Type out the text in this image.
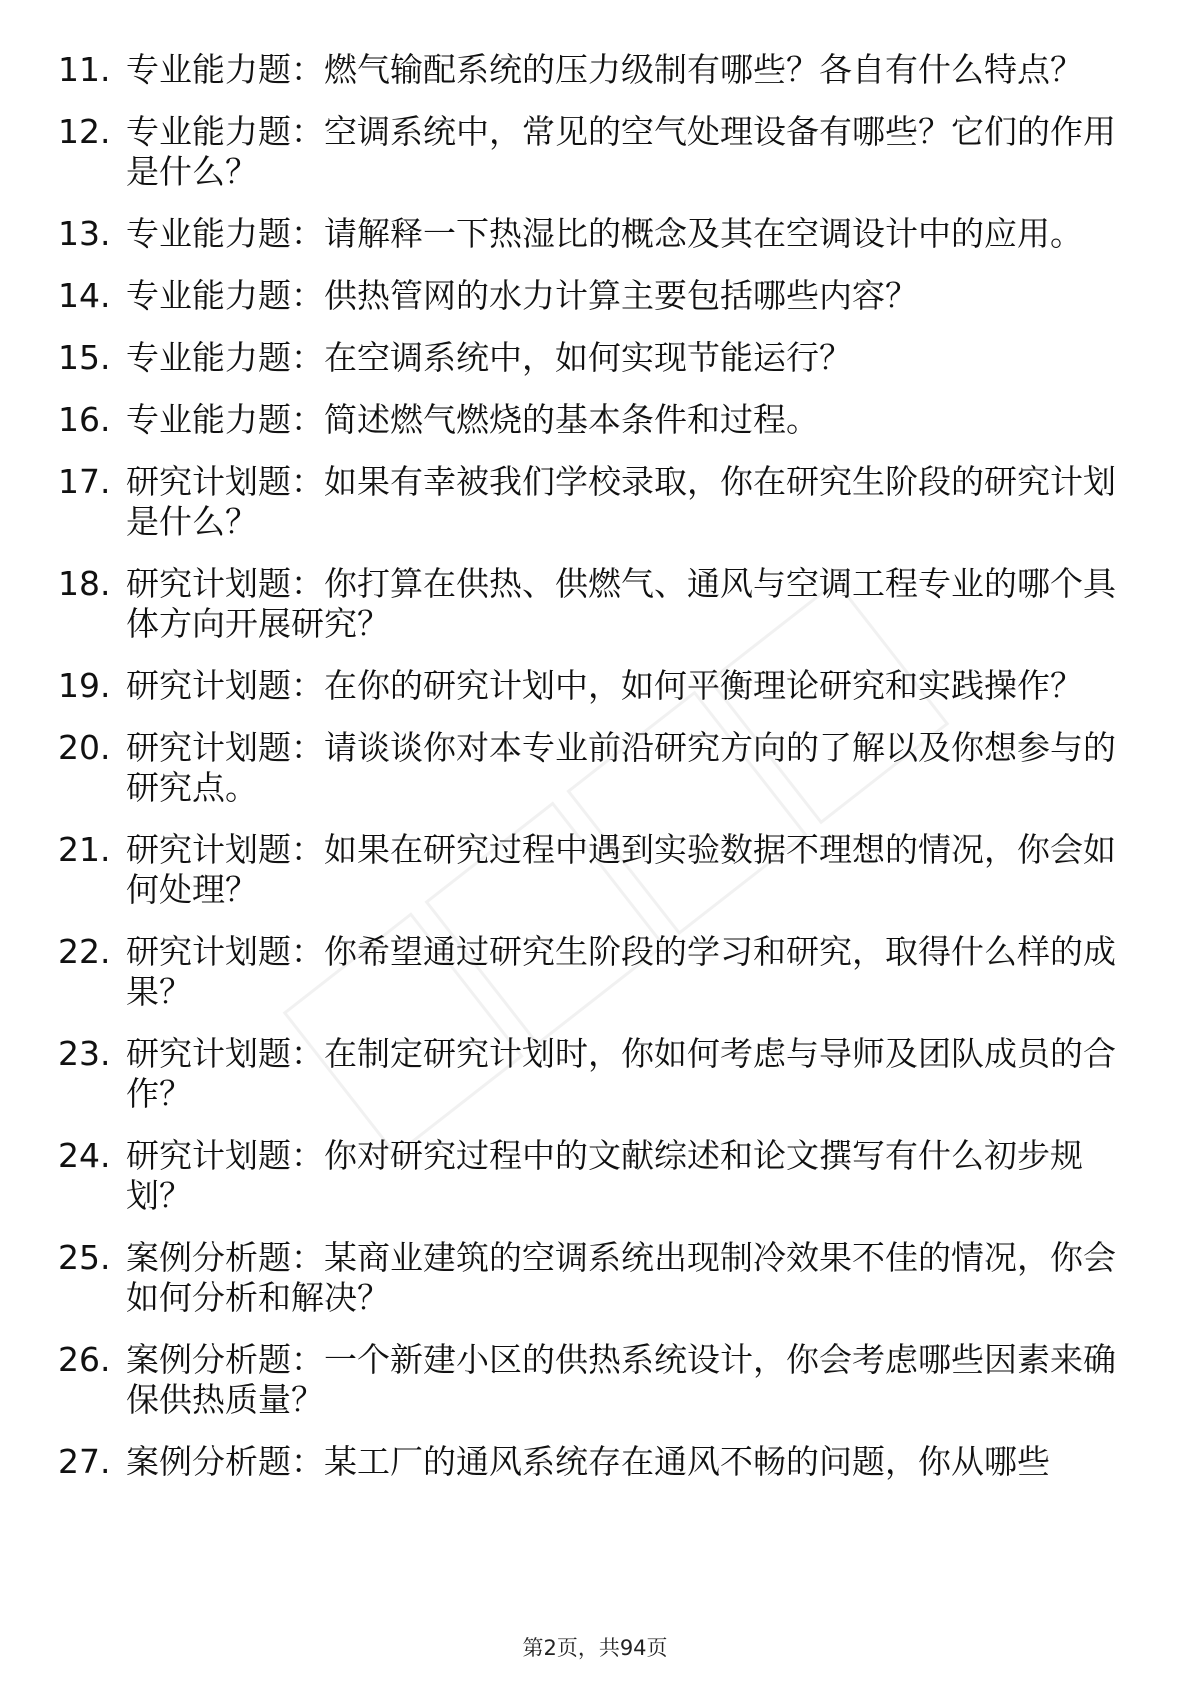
11. 专业能力题：燃气输配系统的压力级制有哪些？各自有什么特点？
12. 专业能力题：空调系统中，常见的空气处理设备有哪些？它们的作用是什么？
13. 专业能力题：请解释一下热湿比的概念及其在空调设计中的应用。
14. 专业能力题：供热管网的水力计算主要包括哪些内容？
15. 专业能力题：在空调系统中，如何实现节能运行？
16. 专业能力题：简述燃气燃烧的基本条件和过程。
17. 研究计划题：如果有幸被我们学校录取，你在研究生阶段的研究计划是什么？
18. 研究计划题：你打算在供热、供燃气、通风与空调工程专业的哪个具体方向开展研究？
19. 研究计划题：在你的研究计划中，如何平衡理论研究和实践操作？
20. 研究计划题：请谈谈你对本专业前沿研究方向的了解以及你想参与的研究点。
21. 研究计划题：如果在研究过程中遇到实验数据不理想的情况，你会如何处理？
22. 研究计划题：你希望通过研究生阶段的学习和研究，取得什么样的成果？
23. 研究计划题：在制定研究计划时，你如何考虑与导师及团队成员的合作？
24. 研究计划题：你对研究过程中的文献综述和论文撰写有什么初步规划？
25. 案例分析题：某商业建筑的空调系统出现制冷效果不佳的情况，你会如何分析和解决？
26. 案例分析题：一个新建小区的供热系统设计，你会考虑哪些因素来确保供热质量？
27. 案例分析题：某工厂的通风系统存在通风不畅的问题，你从哪些
第2页，共94页
